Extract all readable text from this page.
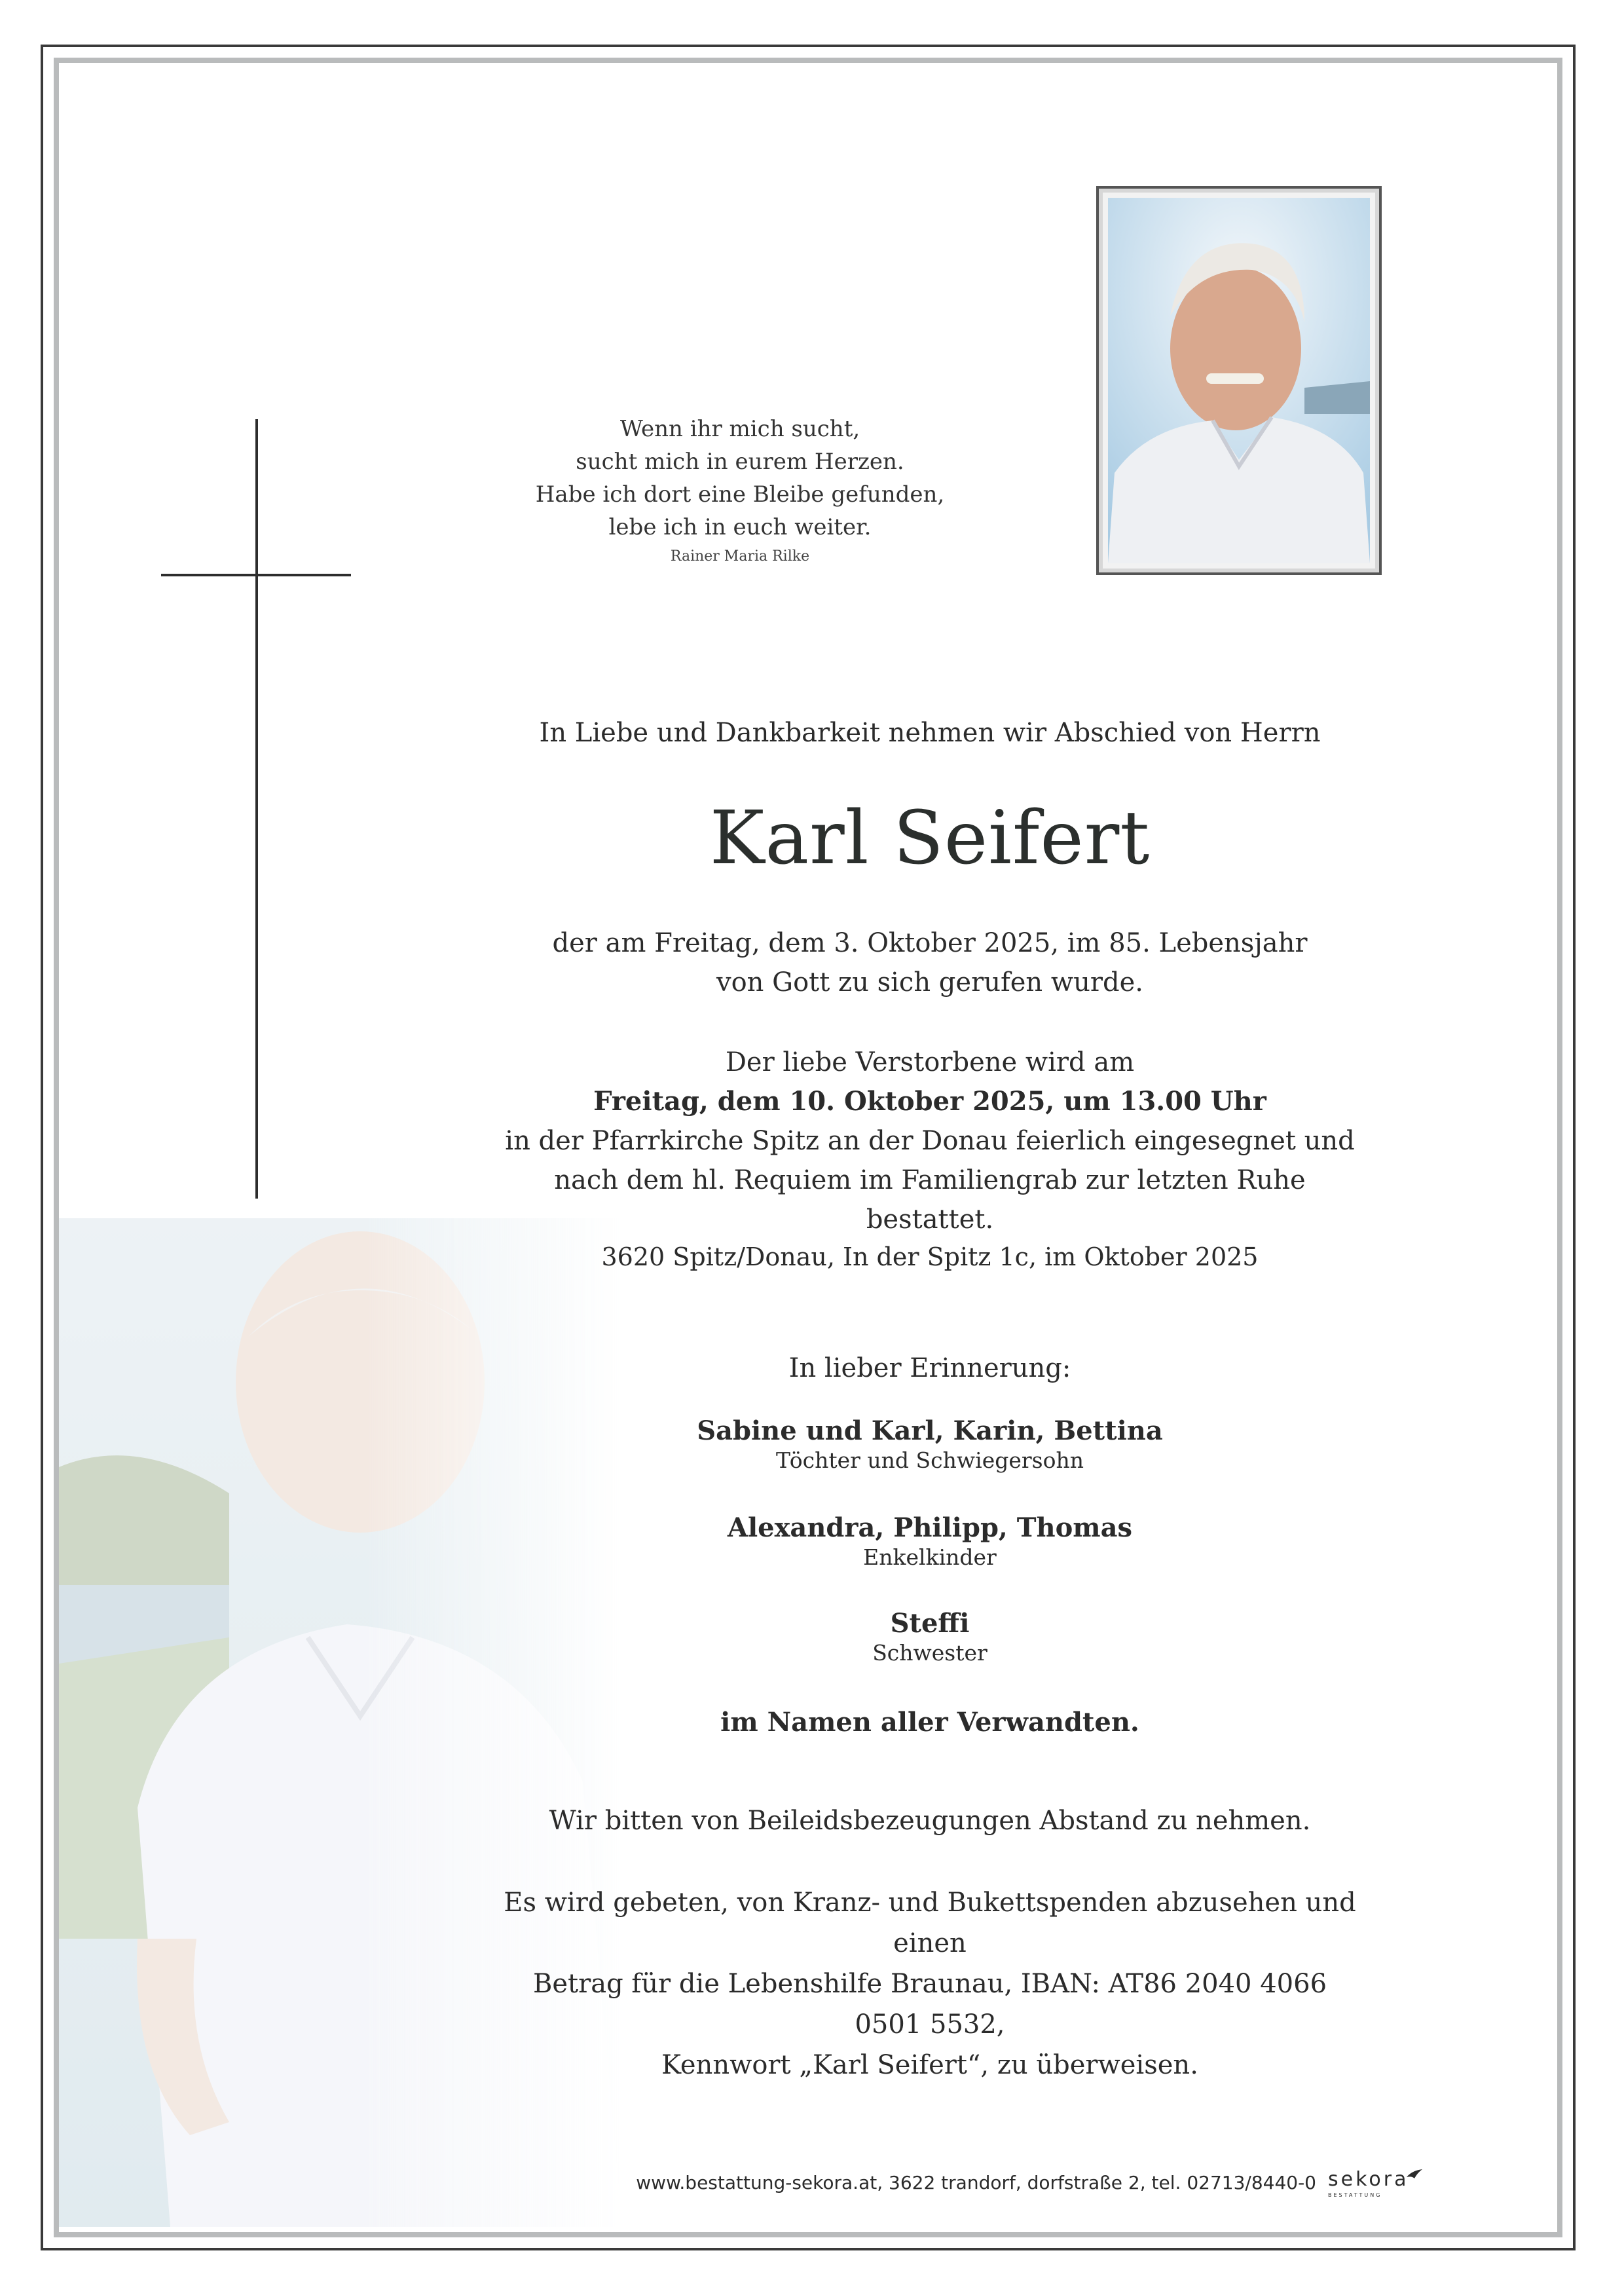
Wenn ihr mich sucht,
sucht mich in eurem Herzen.
Habe ich dort eine Bleibe gefunden,
lebe ich in euch weiter.
Rainer Maria Rilke
In Liebe und Dankbarkeit nehmen wir Abschied von Herrn
Karl Seifert
der am Freitag, dem 3. Oktober 2025, im 85. Lebensjahr
von Gott zu sich gerufen wurde.
Der liebe Verstorbene wird am
Freitag, dem 10. Oktober 2025, um 13.00 Uhr
in der Pfarrkirche Spitz an der Donau feierlich eingesegnet und
nach dem hl. Requiem im Familiengrab zur letzten Ruhe bestattet.
3620 Spitz/Donau, In der Spitz 1c, im Oktober 2025
In lieber Erinnerung:
Sabine und Karl, Karin, Bettina
Töchter und Schwiegersohn
Alexandra, Philipp, Thomas
Enkelkinder
Steffi
Schwester
im Namen aller Verwandten.
Wir bitten von Beileidsbezeugungen Abstand zu nehmen.
Es wird gebeten, von Kranz- und Bukettspenden abzusehen und einen
Betrag für die Lebenshilfe Braunau, IBAN: AT86 2040 4066 0501 5532,
Kennwort „Karl Seifert“, zu überweisen.
www.bestattung-sekora.at, 3622 trandorf, dorfstraße 2, tel. 02713/8440-0 sekora
BESTATTUNG
